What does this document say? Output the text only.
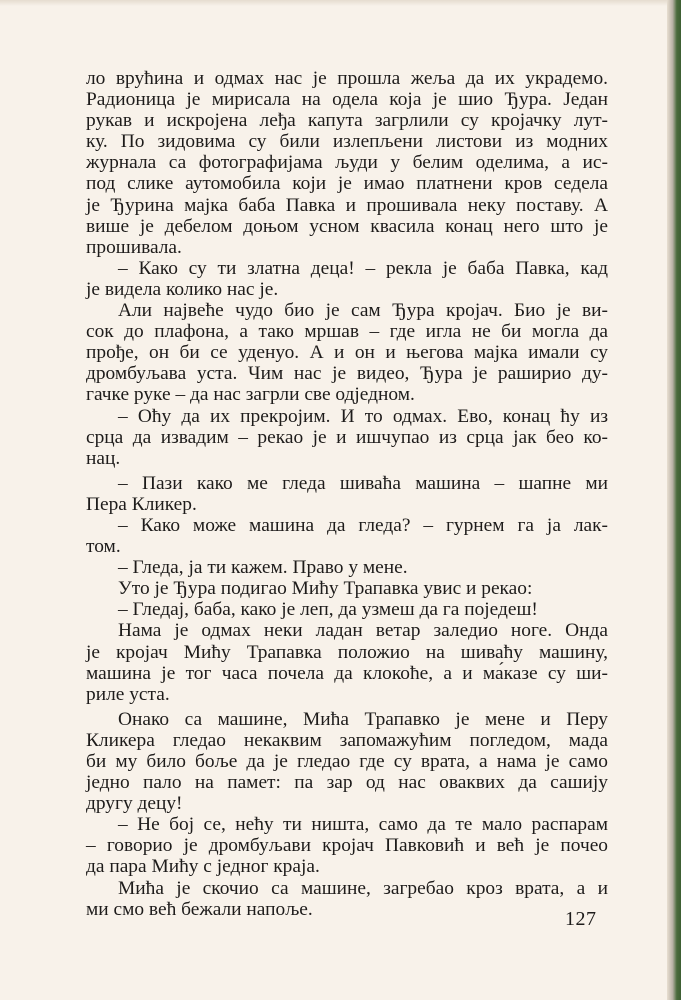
ло врућина и одмах нас је прошла жеља да их украдемо.
Радионица је мирисала на одела која је шио Ђура. Један
рукав и искројена леђа капута загрлили су кројачку лут-
ку. По зидовима су били излепљени листови из модних
журнала са фотографијама људи у белим оделима, а ис-
под слике аутомобила који је имао платнени кров седела
је Ђурина мајка баба Павка и прошивала неку поставу. А
више је дебелом доњом усном квасила конац него што је
прошивала.
– Како су ти златна деца! – рекла је баба Павка, кад
је видела колико нас је.
Али највеће чудо био је сам Ђура кројач. Био је ви-
сок до плафона, а тако мршав – где игла не би могла да
прође, он би се уденуо. А и он и његова мајка имали су
дромбуљава уста. Чим нас је видео, Ђура је раширио ду-
гачке руке – да нас загрли све одједном.
– Оћу да их прекројим. И то одмах. Ево, конац ћу из
срца да извадим – рекао је и ишчупао из срца јак бео ко-
нац.
– Пази како ме гледа шиваћа машина – шапне ми
Пера Кликер.
– Како може машина да гледа? – гурнем га ја лак-
том.
– Гледа, ја ти кажем. Право у мене.
Уто је Ђура подигао Мићу Трапавка увис и рекао:
– Гледај, баба, како је леп, да узмеш да га поједеш!
Нама је одмах неки ладан ветар заледио ноге. Онда
је кројач Мићу Трапавка положио на шиваћу машину,
машина је тог часа почела да клокоће, а и ма́казе су ши-
риле уста.
Онако са машине, Мића Трапавко је мене и Перу
Кликера гледао некаквим запомажућим погледом, мада
би му било боље да је гледао где су врата, а нама је само
једно пало на памет: па зар од нас оваквих да сашију
другу децу!
– Не бој се, нећу ти ништа, само да те мало распарам
– говорио је дромбуљави кројач Павковић и већ је почео
да пара Мићу с једног краја.
Мића је скочио са машине, загребао кроз врата, а и
ми смо већ бежали напоље.	127
